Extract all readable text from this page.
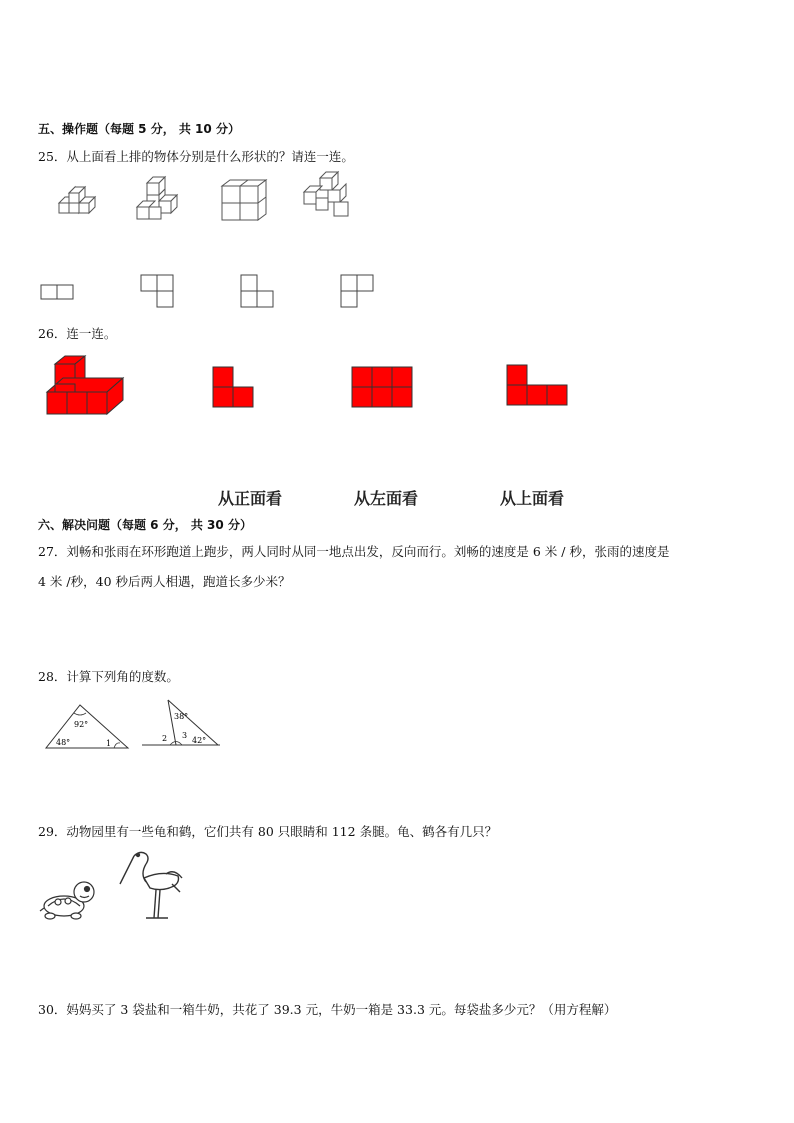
五、操作题（每题 5 分， 共 10 分）
25．从上面看上排的物体分别是什么形状的？请连一连。
26．连一连。
从正面看	从左面看	从上面看
六、解决问题（每题 6 分， 共 30 分）
27．刘畅和张雨在环形跑道上跑步，两人同时从同一地点出发，反向而行。刘畅的速度是 6 米 / 秒，张雨的速度是
4 米 /秒，40 秒后两人相遇，跑道长多少米？
28．计算下列角的度数。
92°
48°	1
38°
2 3
42°
29．动物园里有一些龟和鹤，它们共有 80 只眼睛和 112 条腿。龟、鹤各有几只？
30．妈妈买了 3 袋盐和一箱牛奶，共花了 39.3 元，牛奶一箱是 33.3 元。每袋盐多少元？（用方程解）
